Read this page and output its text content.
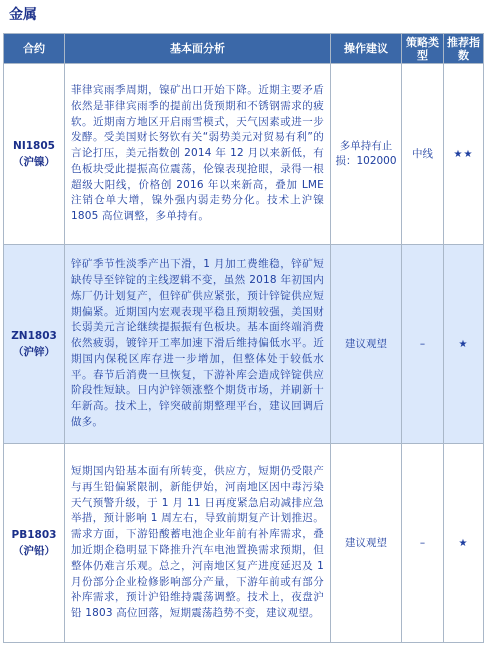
金属
合约	基本面分析	操作建议	策略类型	推荐指数

NI1805
（沪镍）	菲律宾雨季周期，镍矿出口开始下降。近期主要矛盾依然是菲律宾雨季的提前出货预期和不锈钢需求的疲软。近期南方地区开启雨雪模式，天气因素或进一步发酵。受美国财长努钦有关“弱势美元对贸易有利”的言论打压，美元指数创 2014 年 12 月以来新低，有色板块受此提振高位震荡，伦镍表现抢眼，录得一根超级大阳线，价格创 2016 年以来新高，叠加 LME 注销仓单大增，镍外强内弱走势分化。技术上沪镍 1805 高位调整，多单持有。	多单持有止损：102000	中线	★★

ZN1803
（沪锌）	锌矿季节性淡季产出下滑，1 月加工费维稳，锌矿短缺传导至锌锭的主线逻辑不变，虽然 2018 年初国内炼厂仍计划复产，但锌矿供应紧张，预计锌锭供应短期偏紧。近期国内宏观表现平稳且预期较强，美国财长弱美元言论继续提振振有色板块。基本面终端消费依然疲弱，镀锌开工率加速下滑后维持偏低水平。近期国内保税区库存进一步增加，但整体处于较低水平。春节后消费一旦恢复，下游补库会造成锌锭供应阶段性短缺。日内沪锌领涨整个期货市场，并刷新十年新高。技术上，锌突破前期整理平台，建议回调后做多。	建议观望	–	★

PB1803
（沪铅）	短期国内铅基本面有所转变，供应方，短期仍受限产与再生铅偏紧限制，新能伊始，河南地区因中毒污染天气预警升级，于 1 月 11 日再度紧急启动减排应急举措，预计影响 1 周左右，导致前期复产计划推迟。需求方面，下游铅酸蓄电池企业年前有补库需求，叠加近期企稳明显下降推升汽车电池置换需求预期，但整体仍难言乐观。总之，河南地区复产进度延迟及 1 月份部分企业检修影响部分产量，下游年前或有部分补库需求，预计沪铅维持震荡调整。技术上，夜盘沪铅 1803 高位回落，短期震荡趋势不变，建议观望。	建议观望	–	★
